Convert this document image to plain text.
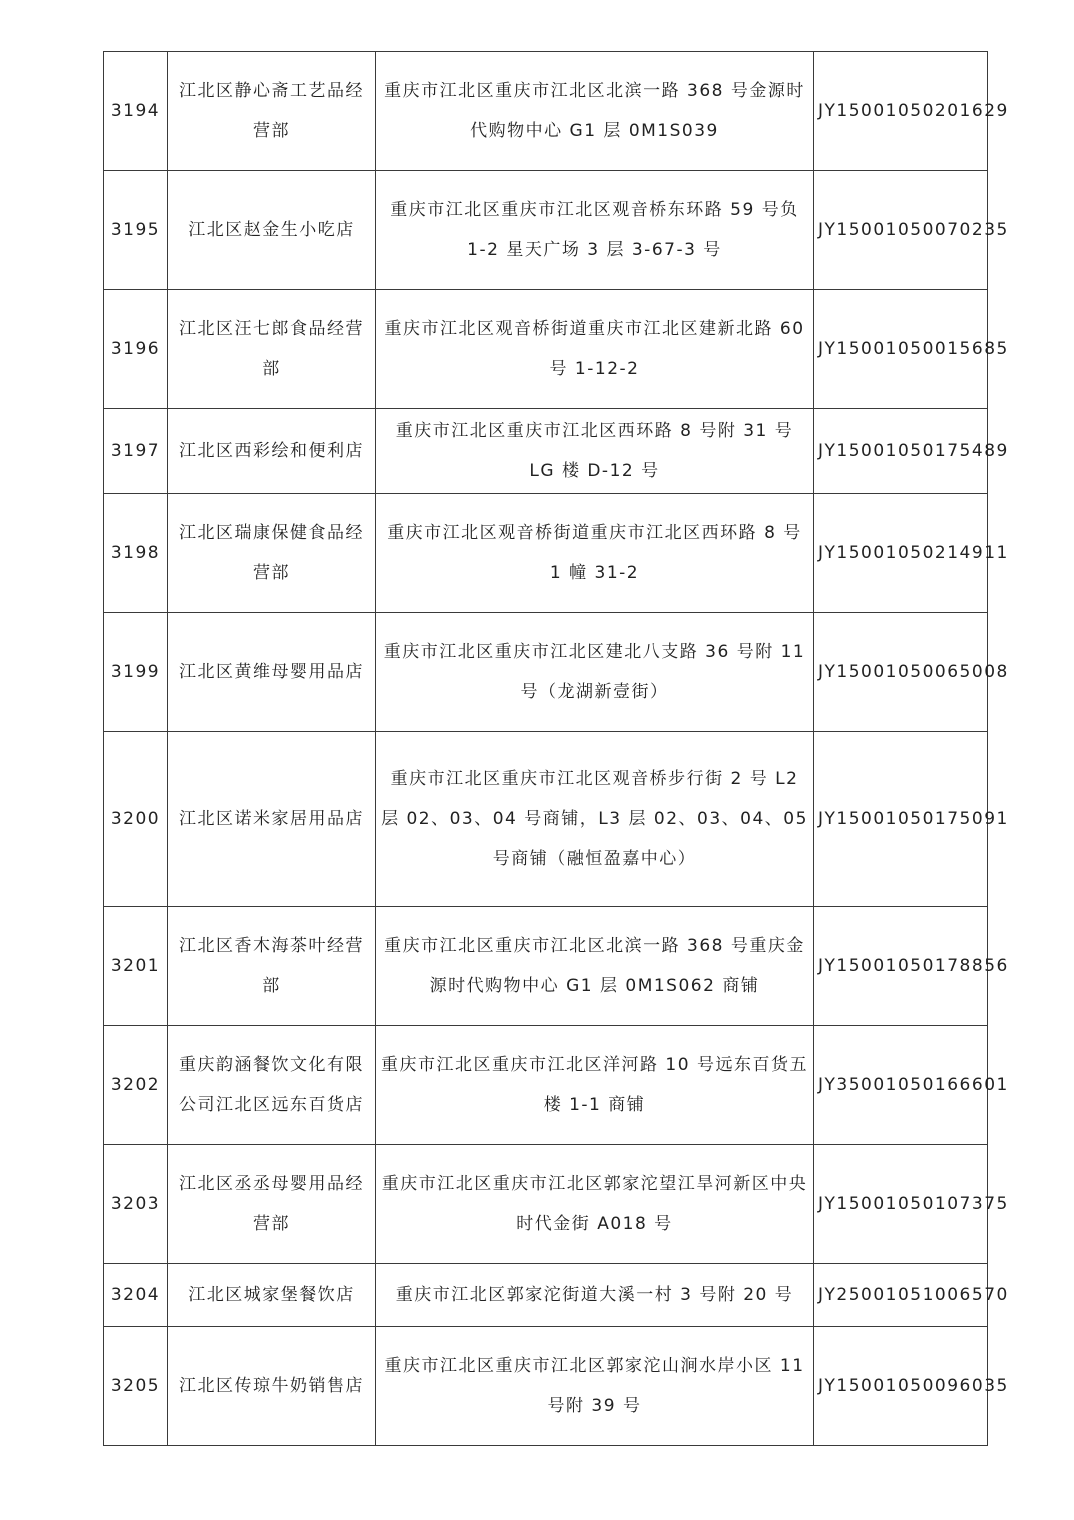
3194	江北区静心斋工艺品经营部	重庆市江北区重庆市江北区北滨一路 368 号金源时代购物中心 G1 层 0M1S039	JY15001050201629
3195	江北区赵金生小吃店	重庆市江北区重庆市江北区观音桥东环路 59 号负 1-2 星天广场 3 层 3-67-3 号	JY15001050070235
3196	江北区汪七郎食品经营部	重庆市江北区观音桥街道重庆市江北区建新北路 60 号 1-12-2	JY15001050015685
3197	江北区西彩绘和便利店	重庆市江北区重庆市江北区西环路 8 号附 31 号 LG 楼 D-12 号	JY15001050175489
3198	江北区瑞康保健食品经营部	重庆市江北区观音桥街道重庆市江北区西环路 8 号 1 幢 31-2	JY15001050214911
3199	江北区黄维母婴用品店	重庆市江北区重庆市江北区建北八支路 36 号附 11 号（龙湖新壹街）	JY15001050065008
3200	江北区诺米家居用品店	重庆市江北区重庆市江北区观音桥步行街 2 号 L2 层 02、03、04 号商铺，L3 层 02、03、04、05 号商铺（融恒盈嘉中心）	JY15001050175091
3201	江北区香木海茶叶经营部	重庆市江北区重庆市江北区北滨一路 368 号重庆金源时代购物中心 G1 层 0M1S062 商铺	JY15001050178856
3202	重庆韵涵餐饮文化有限公司江北区远东百货店	重庆市江北区重庆市江北区洋河路 10 号远东百货五楼 1-1 商铺	JY35001050166601
3203	江北区丞丞母婴用品经营部	重庆市江北区重庆市江北区郭家沱望江旱河新区中央时代金街 A018 号	JY15001050107375
3204	江北区城家堡餐饮店	重庆市江北区郭家沱街道大溪一村 3 号附 20 号	JY25001051006570
3205	江北区传琼牛奶销售店	重庆市江北区重庆市江北区郭家沱山涧水岸小区 11 号附 39 号	JY15001050096035
